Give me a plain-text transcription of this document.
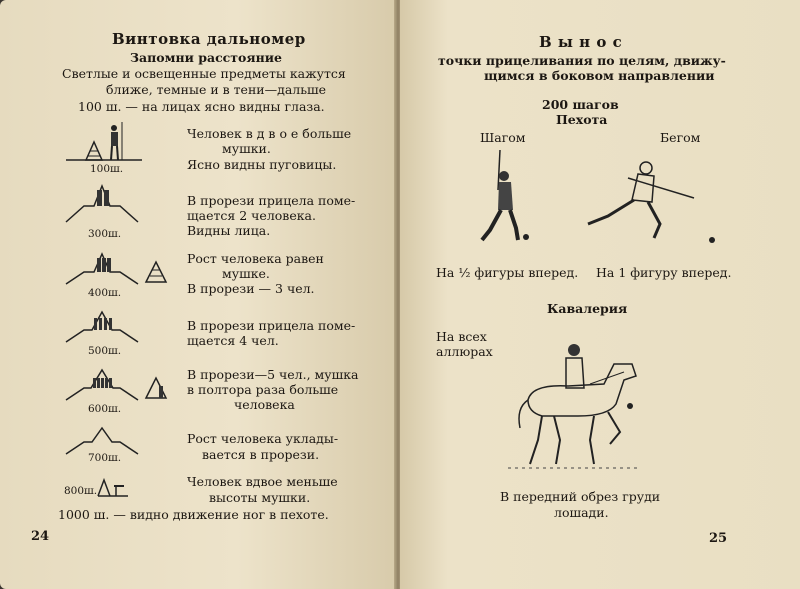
Винтовка дальномер
Запомни расстояние
Светлые и освещенные предметы кажутся
ближе, темные и в тени—дальше
100 ш. — на лицах ясно видны глаза.
100ш.
Человек в д в о е больше
мушки.
Ясно видны пуговицы.
300ш.
В прорези прицела поме-
щается 2 человека.
Видны лица.
400ш.
Рост человека равен
мушке.
В прорези — 3 чел.
500ш.
В прорези прицела поме-
щается 4 чел.
600ш.
В прорези—5 чел., мушка
в полтора раза больше
человека
700ш.
Рост человека уклады-
вается в прорези.
800ш.
Человек вдвое меньше
высоты мушки.
1000 ш. — видно движение ног в пехоте.
24
В ы н о с
точки прицеливания по целям, движу-
щимся в боковом направлении
200 шагов
Пехота
Шагом	Бегом
На ½ фигуры вперед. На 1 фигуру вперед.
Кавалерия
На всех
аллюрах
В передний обрез груди
лошади.
25
